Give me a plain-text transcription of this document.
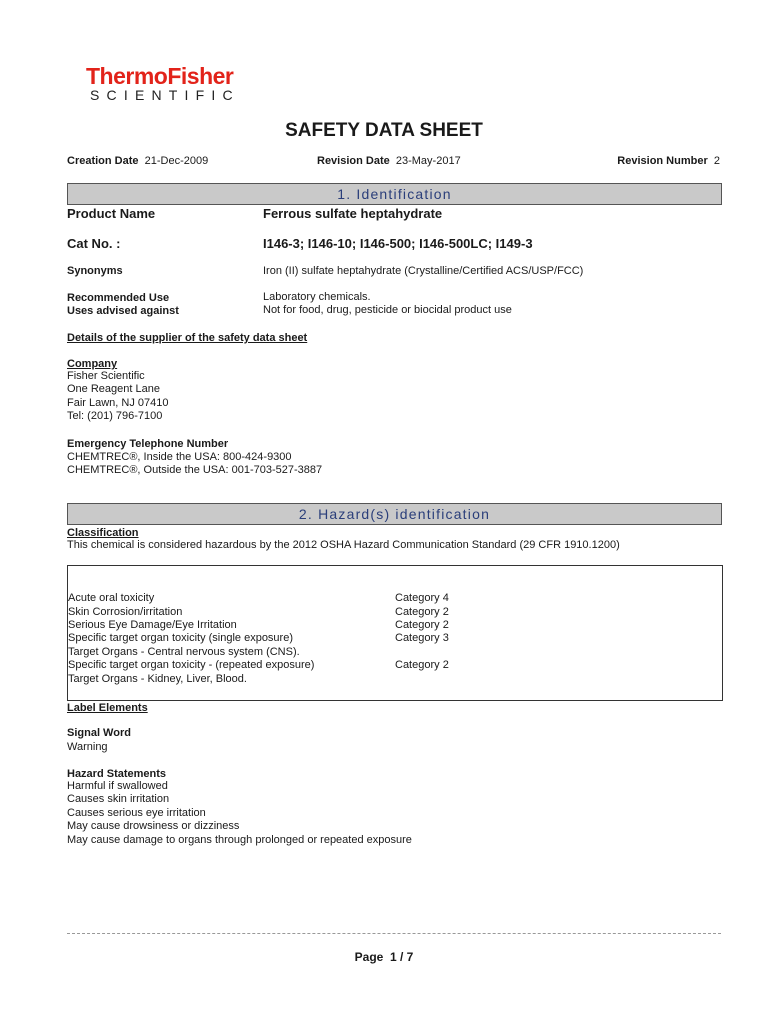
ThermoFisher
SCIENTIFIC
SAFETY DATA SHEET
Creation Date 21-Dec-2009	Revision Date 23-May-2017	Revision Number 2
1. Identification
Product Name	Ferrous sulfate heptahydrate
Cat No. :	I146-3; I146-10; I146-500; I146-500LC; I149-3
Synonyms	Iron (II) sulfate heptahydrate (Crystalline/Certified ACS/USP/FCC)
Recommended Use	Laboratory chemicals.
Uses advised against	Not for food, drug, pesticide or biocidal product use
Details of the supplier of the safety data sheet
Company
Fisher Scientific
One Reagent Lane
Fair Lawn, NJ 07410
Tel: (201) 796-7100
Emergency Telephone Number
CHEMTREC®, Inside the USA: 800-424-9300
CHEMTREC®, Outside the USA: 001-703-527-3887
2. Hazard(s) identification
Classification
This chemical is considered hazardous by the 2012 OSHA Hazard Communication Standard (29 CFR 1910.1200)
Acute oral toxicity	Category 4
Skin Corrosion/irritation	Category 2
Serious Eye Damage/Eye Irritation	Category 2
Specific target organ toxicity (single exposure)	Category 3
Target Organs - Central nervous system (CNS).
Specific target organ toxicity - (repeated exposure)	Category 2
Target Organs - Kidney, Liver, Blood.
Label Elements
Signal Word
Warning
Hazard Statements
Harmful if swallowed
Causes skin irritation
Causes serious eye irritation
May cause drowsiness or dizziness
May cause damage to organs through prolonged or repeated exposure
Page 1 / 7
